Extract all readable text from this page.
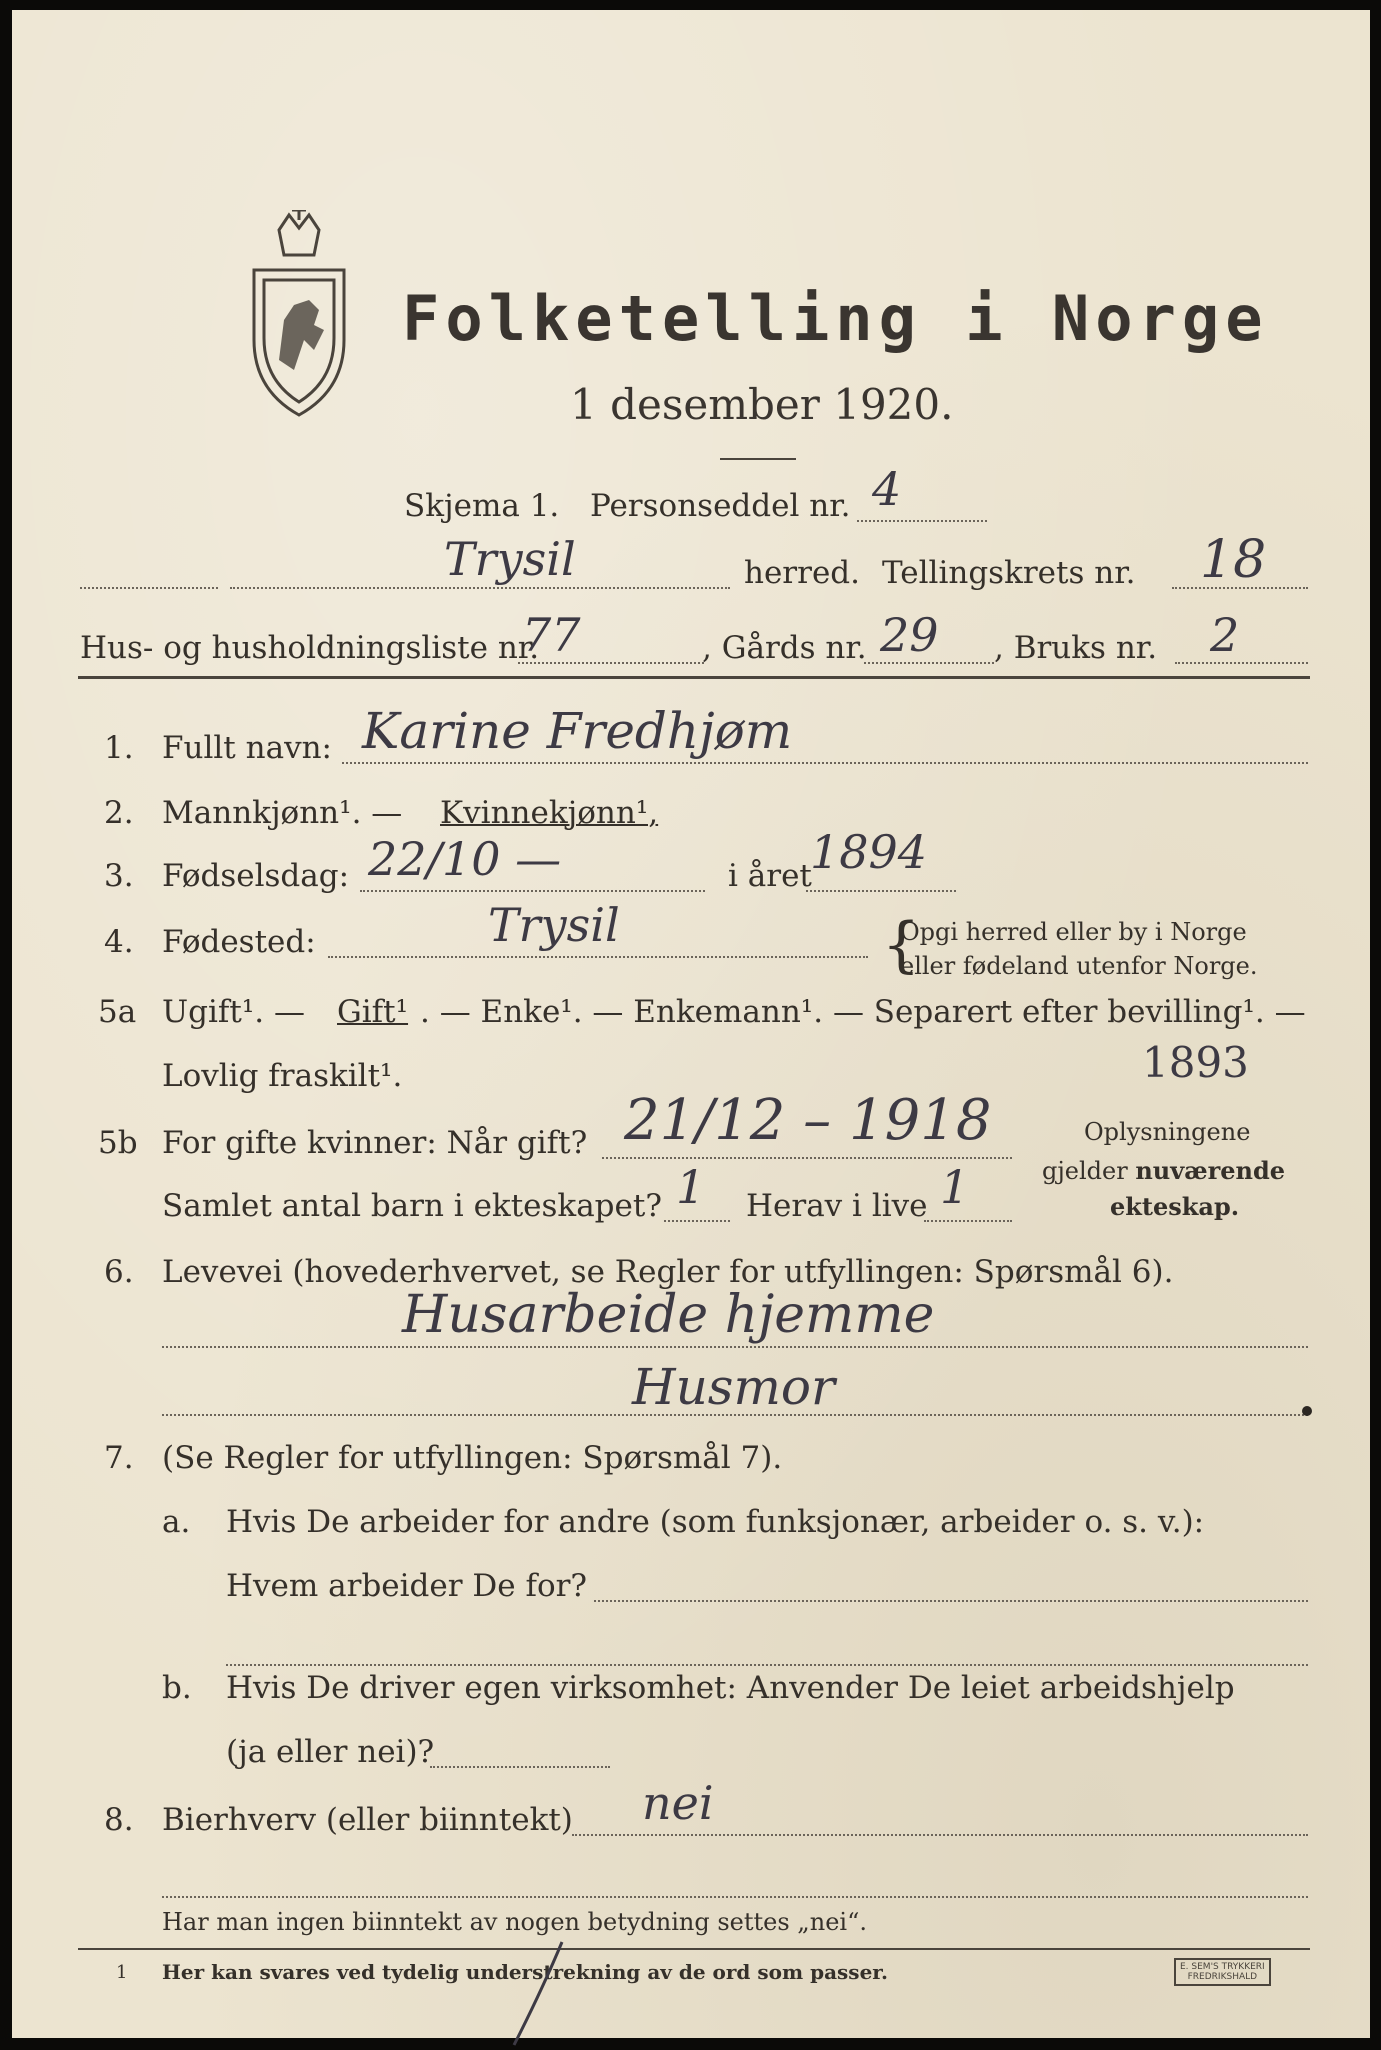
Folketelling i Norge
1 desember 1920.
Skjema 1. Personseddel nr. 4
Trysil	herred. Tellingskrets nr. 18
Hus- og husholdningsliste nr.
77	, Gårds nr. 29 , Bruks nr. 2
1. Fullt navn: Karine Fredhjøm
2. Mannkjønn¹. — Kvinnekjønn¹,
3. Fødselsdag: 22/10 —	i året
1894
4. Fødested:	Trysil	{
Opgi herred eller by i Norge
eller fødeland utenfor Norge.
5a Ugift¹. — Gift¹ . — Enke¹. — Enkemann¹. — Separert efter bevilling¹. —
Lovlig fraskilt¹.	1893
5b For gifte kvinner: Når gift? 21/12 – 1918	Oplysningene
gjelder nuværende
ekteskap.
Samlet antal barn i ekteskapet? 1 Herav i live 1
6. Levevei (hovederhvervet, se Regler for utfyllingen: Spørsmål 6).
Husarbeide hjemme
Husmor
7. (Se Regler for utfyllingen: Spørsmål 7).
a. Hvis De arbeider for andre (som funksjonær, arbeider o. s. v.):
Hvem arbeider De for?
b. Hvis De driver egen virksomhet: Anvender De leiet arbeidshjelp
(ja eller nei)?
8. Bierhverv (eller biinntekt) nei
Har man ingen biinntekt av nogen betydning settes „nei“.
1 Her kan svares ved tydelig understrekning av de ord som passer.	E. SEM'S TRYKKERI
FREDRIKSHALD
